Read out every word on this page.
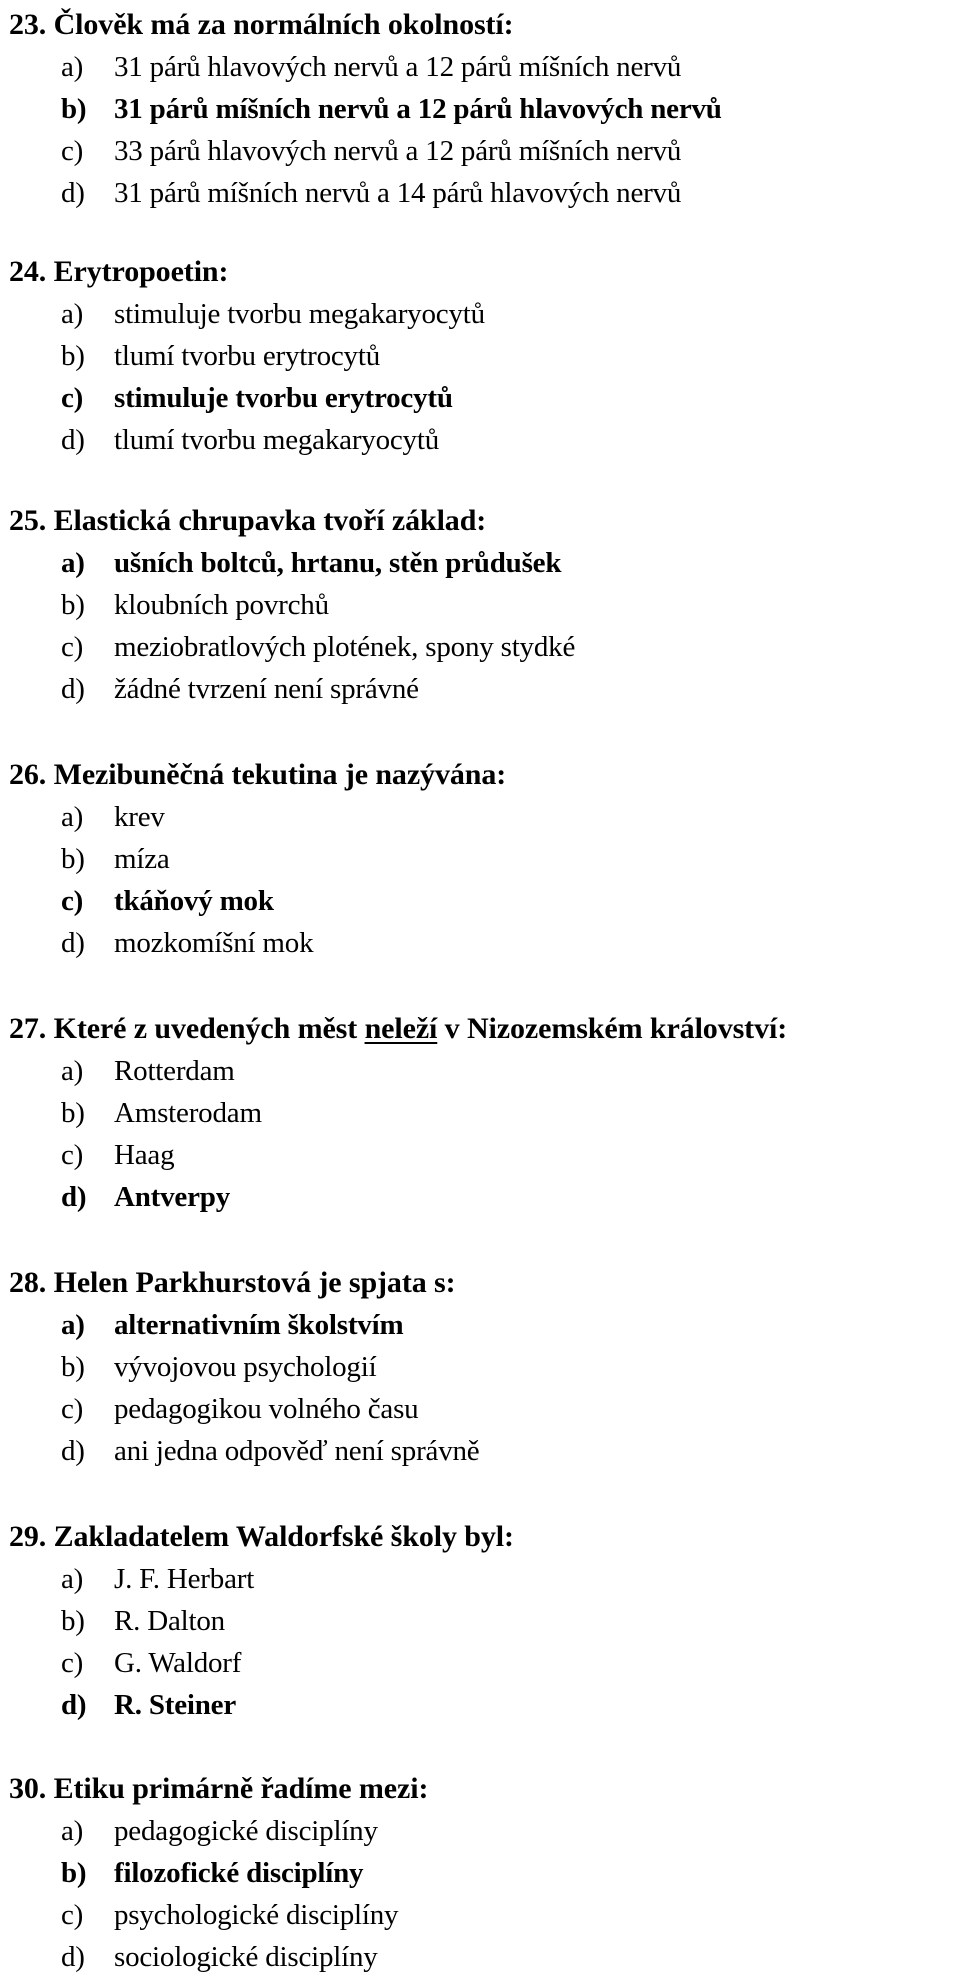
23. Člověk má za normálních okolností:
a) 31 párů hlavových nervů a 12 párů míšních nervů
b) 31 párů míšních nervů a 12 párů hlavových nervů
c) 33 párů hlavových nervů a 12 párů míšních nervů
d) 31 párů míšních nervů a 14 párů hlavových nervů
24. Erytropoetin:
a) stimuluje tvorbu megakaryocytů
b) tlumí tvorbu erytrocytů
c) stimuluje tvorbu erytrocytů
d) tlumí tvorbu megakaryocytů
25. Elastická chrupavka tvoří základ:
a) ušních boltců, hrtanu, stěn průdušek
b) kloubních povrchů
c) meziobratlových plotének, spony stydké
d) žádné tvrzení není správné
26. Mezibuněčná tekutina je nazývána:
a) krev
b) míza
c) tkáňový mok
d) mozkomíšní mok
27. Které z uvedených měst neleží v Nizozemském království:
a) Rotterdam
b) Amsterodam
c) Haag
d) Antverpy
28. Helen Parkhurstová je spjata s:
a) alternativním školstvím
b) vývojovou psychologií
c) pedagogikou volného času
d) ani jedna odpověď není správně
29. Zakladatelem Waldorfské školy byl:
a) J. F. Herbart
b) R. Dalton
c) G. Waldorf
d) R. Steiner
30. Etiku primárně řadíme mezi:
a) pedagogické disciplíny
b) filozofické disciplíny
c) psychologické disciplíny
d) sociologické disciplíny
